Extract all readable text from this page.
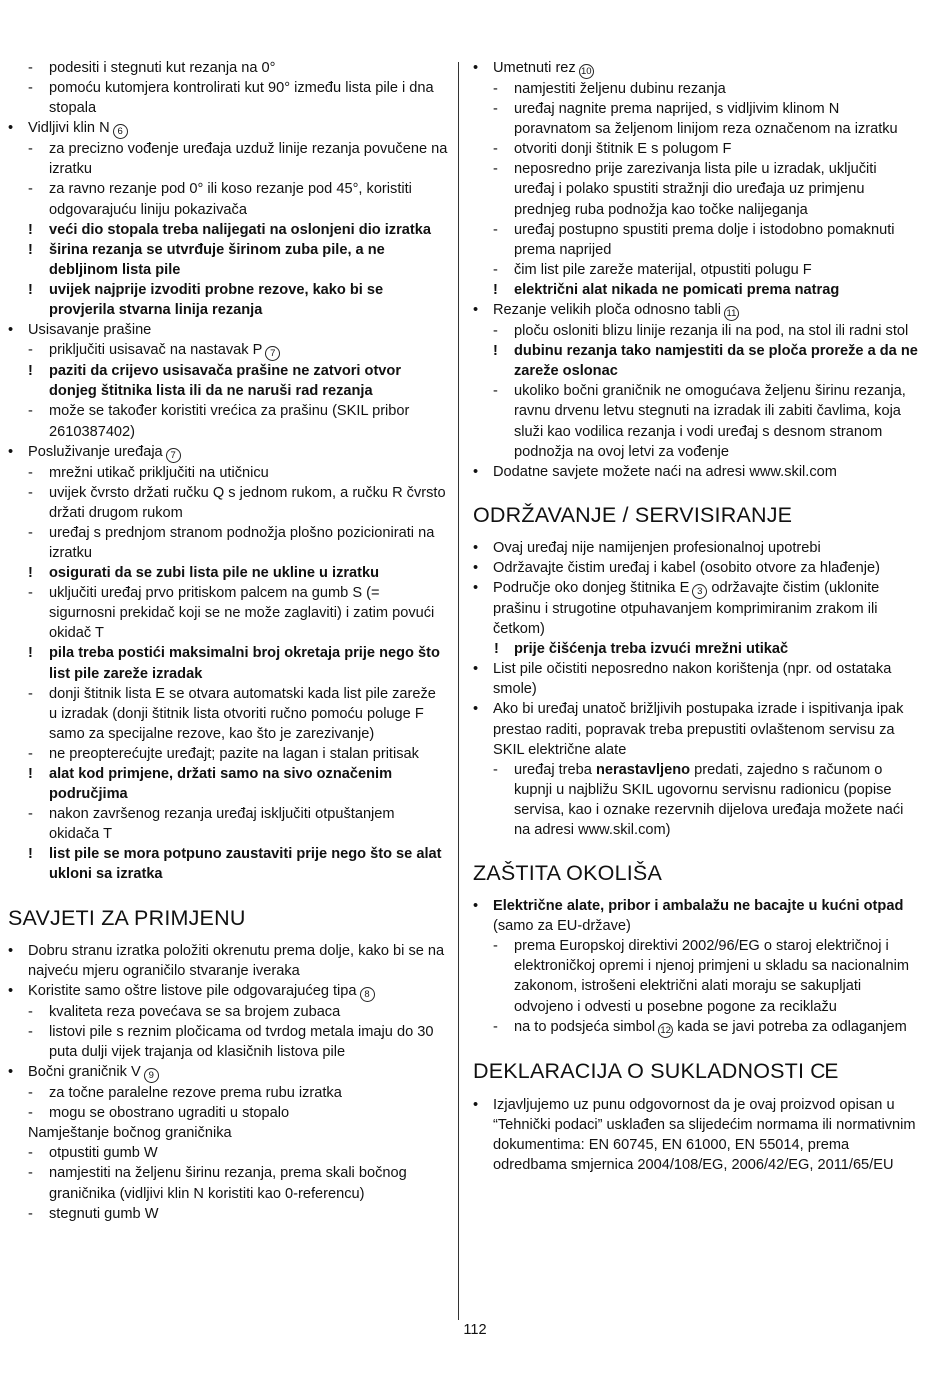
- podesiti i stegnuti kut rezanja na 0°
- pomoću kutomjera kontrolirati kut 90° između lista pile i dna stopala
• Vidljivi klin N 6
- za precizno vođenje uređaja uzduž linije rezanja povučene na izratku
- za ravno rezanje pod 0° ili koso rezanje pod 45°, koristiti odgovarajuću liniju pokazivača
! veći dio stopala treba nalijegati na oslonjeni dio izratka
! širina rezanja se utvrđuje širinom zuba pile, a ne debljinom lista pile
! uvijek najprije izvoditi probne rezove, kako bi se provjerila stvarna linija rezanja
• Usisavanje prašine
- priključiti usisavač na nastavak P 7
! paziti da crijevo usisavača prašine ne zatvori otvor donjeg štitnika lista ili da ne naruši rad rezanja
- može se također koristiti vrećica za prašinu (SKIL pribor 2610387402)
• Posluživanje uređaja 7
- mrežni utikač priključiti na utičnicu
- uvijek čvrsto držati ručku Q s jednom rukom, a ručku R čvrsto držati drugom rukom
- uređaj s prednjom stranom podnožja plošno pozicionirati na izratku
! osigurati da se zubi lista pile ne ukline u izratku
- uključiti uređaj prvo pritiskom palcem na gumb S (= sigurnosni prekidač koji se ne može zaglaviti) i zatim povući okidač T
! pila treba postići maksimalni broj okretaja prije nego što list pile zareže izradak
- donji štitnik lista E se otvara automatski kada list pile zareže u izradak (donji štitnik lista otvoriti ručno pomoću poluge F samo za specijalne rezove, kao što je zarezivanje)
- ne preopterećujte uređajt; pazite na lagan i stalan pritisak
! alat kod primjene, držati samo na sivo označenim područjima
- nakon završenog rezanja uređaj isključiti otpuštanjem okidača T
! list pile se mora potpuno zaustaviti prije nego što se alat ukloni sa izratka
SAVJETI ZA PRIMJENU
• Dobru stranu izratka položiti okrenutu prema dolje, kako bi se na najveću mjeru ograničilo stvaranje iveraka
• Koristite samo oštre listove pile odgovarajućeg tipa 8
- kvaliteta reza povećava se sa brojem zubaca
- listovi pile s reznim pločicama od tvrdog metala imaju do 30 puta dulji vijek trajanja od klasičnih listova pile
• Bočni graničnik V 9
- za točne paralelne rezove prema rubu izratka
- mogu se obostrano ugraditi u stopalo
Namještanje bočnog graničnika
- otpustiti gumb W
- namjestiti na željenu širinu rezanja, prema skali bočnog graničnika (vidljivi klin N koristiti kao 0-referencu)
- stegnuti gumb W
• Umetnuti rez 10
- namjestiti željenu dubinu rezanja
- uređaj nagnite prema naprijed, s vidljivim klinom N poravnatom sa željenom linijom reza označenom na izratku
- otvoriti donji štitnik E s polugom F
- neposredno prije zarezivanja lista pile u izradak, uključiti uređaj i polako spustiti stražnji dio uređaja uz primjenu prednjeg ruba podnožja kao točke nalijeganja
- uređaj postupno spustiti prema dolje i istodobno pomaknuti prema naprijed
- čim list pile zareže materijal, otpustiti polugu F
! električni alat nikada ne pomicati prema natrag
• Rezanje velikih ploča odnosno tabli 11
- ploču osloniti blizu linije rezanja ili na pod, na stol ili radni stol
! dubinu rezanja tako namjestiti da se ploča proreže a da ne zareže oslonac
- ukoliko bočni graničnik ne omogućava željenu širinu rezanja, ravnu drvenu letvu stegnuti na izradak ili zabiti čavlima, koja služi kao vodilica rezanja i vodi uređaj s desnom stranom podnožja na ovoj letvi za vođenje
• Dodatne savjete možete naći na adresi www.skil.com
ODRŽAVANJE / SERVISIRANJE
• Ovaj uređaj nije namijenjen profesionalnoj upotrebi
• Održavajte čistim uređaj i kabel (osobito otvore za hlađenje)
• Područje oko donjeg štitnika E 3 održavajte čistim (uklonite prašinu i strugotine otpuhavanjem komprimiranim zrakom ili četkom)
! prije čišćenja treba izvući mrežni utikač
• List pile očistiti neposredno nakon korištenja (npr. od ostataka smole)
• Ako bi uređaj unatoč brižljivih postupaka izrade i ispitivanja ipak prestao raditi, popravak treba prepustiti ovlaštenom servisu za SKIL električne alate
- uređaj treba nerastavljeno predati, zajedno s računom o kupnji u najbližu SKIL ugovornu servisnu radionicu (popise servisa, kao i oznake rezervnih dijelova uređaja možete naći na adresi www.skil.com)
ZAŠTITA OKOLIŠA
• Električne alate, pribor i ambalažu ne bacajte u kućni otpad (samo za EU-države)
- prema Europskoj direktivi 2002/96/EG o staroj električnoj i elektroničkoj opremi i njenoj primjeni u skladu sa nacionalnim zakonom, istrošeni električni alati moraju se sakupljati odvojeno i odvesti u posebne pogone za reciklažu
- na to podsjeća simbol 12 kada se javi potreba za odlaganjem
DEKLARACIJA O SUKLADNOSTI CE
• Izjavljujemo uz punu odgovornost da je ovaj proizvod opisan u “Tehnički podaci” usklađen sa slijedećim normama ili normativnim dokumentima: EN 60745, EN 61000, EN 55014, prema odredbama smjernica 2004/108/EG, 2006/42/EG, 2011/65/EU
112
